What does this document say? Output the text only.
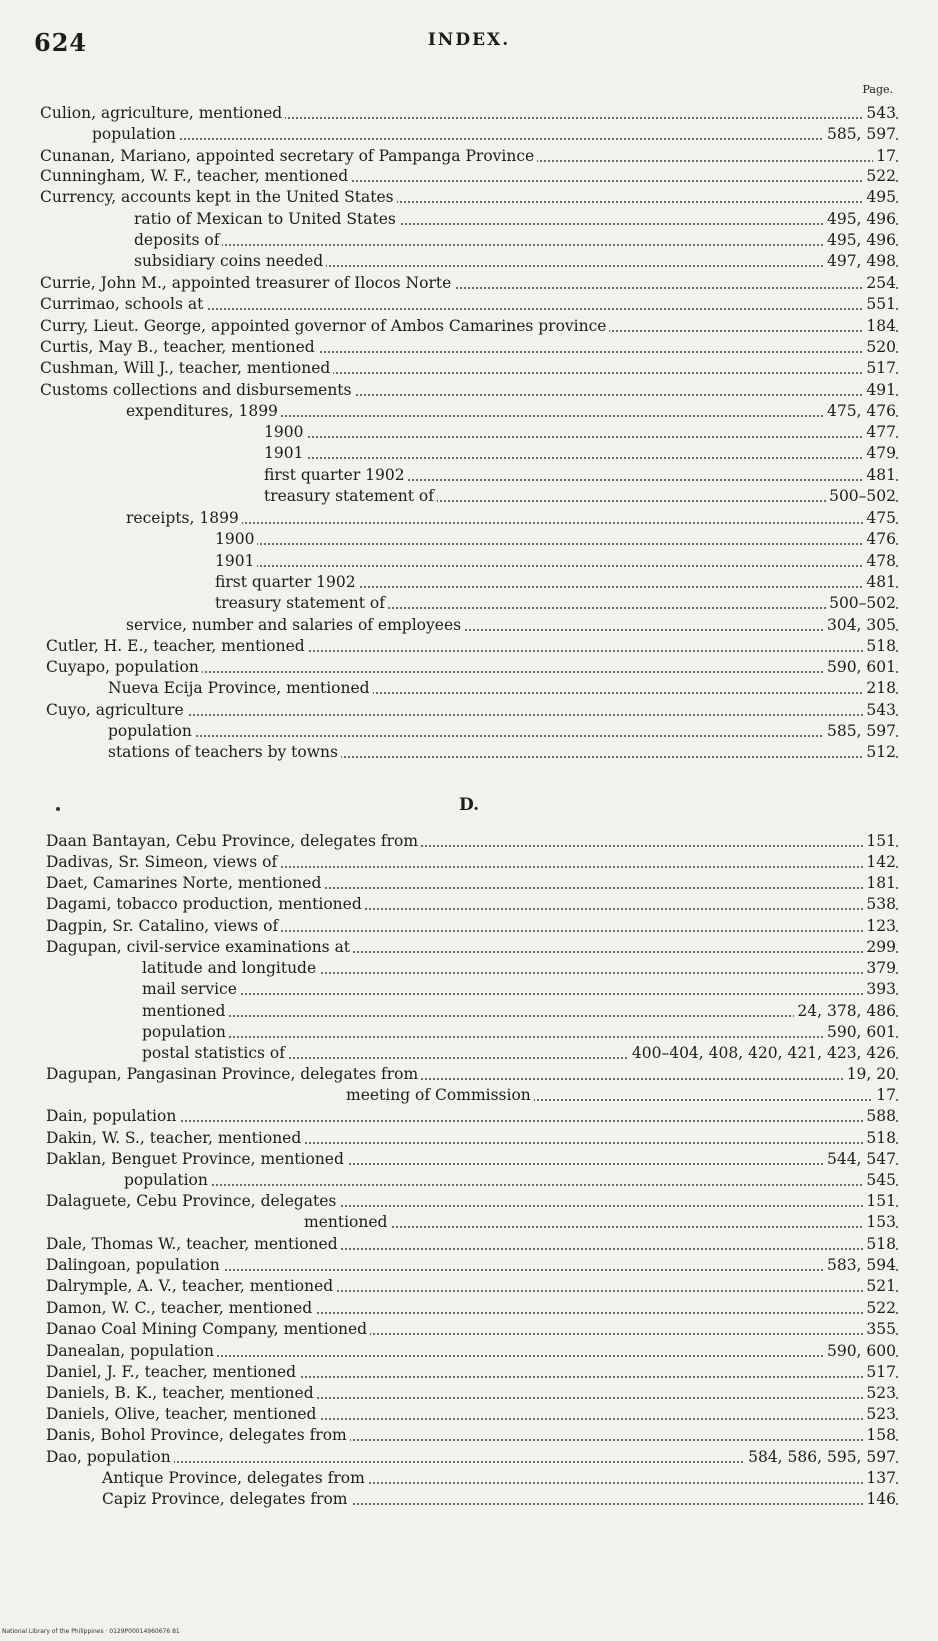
624	INDEX.
Page.
Culion, agriculture, mentioned	543
population	585, 597
Cunanan, Mariano, appointed secretary of Pampanga Province	17
Cunningham, W. F., teacher, mentioned	522
Currency, accounts kept in the United States	495
ratio of Mexican to United States	495, 496
deposits of	495, 496
subsidiary coins needed	497, 498
Currie, John M., appointed treasurer of Ilocos Norte	254
Currimao, schools at	551
Curry, Lieut. George, appointed governor of Ambos Camarines province	184
Curtis, May B., teacher, mentioned	520
Cushman, Will J., teacher, mentioned	517
Customs collections and disbursements	491
expenditures, 1899	475, 476
1900	477
1901	479
first quarter 1902	481
treasury statement of	500–502
receipts, 1899	475
1900	476
1901	478
first quarter 1902	481
treasury statement of	500–502
service, number and salaries of employees	304, 305
Cutler, H. E., teacher, mentioned	518
Cuyapo, population	590, 601
Nueva Ecija Province, mentioned	218
Cuyo, agriculture	543
population	585, 597
stations of teachers by towns	512
D.
Daan Bantayan, Cebu Province, delegates from	151
Dadivas, Sr. Simeon, views of	142
Daet, Camarines Norte, mentioned	181
Dagami, tobacco production, mentioned	538
Dagpin, Sr. Catalino, views of	123
Dagupan, civil-service examinations at	299
latitude and longitude	379
mail service	393
mentioned	24, 378, 486
population	590, 601
postal statistics of	400–404, 408, 420, 421, 423, 426
Dagupan, Pangasinan Province, delegates from	19, 20
meeting of Commission	17
Dain, population	588
Dakin, W. S., teacher, mentioned	518
Daklan, Benguet Province, mentioned	544, 547
population	545
Dalaguete, Cebu Province, delegates	151
mentioned	153
Dale, Thomas W., teacher, mentioned	518
Dalingoan, population	583, 594
Dalrymple, A. V., teacher, mentioned	521
Damon, W. C., teacher, mentioned	522
Danao Coal Mining Company, mentioned	355
Danealan, population	590, 600
Daniel, J. F., teacher, mentioned	517
Daniels, B. K., teacher, mentioned	523
Daniels, Olive, teacher, mentioned	523
Danis, Bohol Province, delegates from	158
Dao, population	584, 586, 595, 597
Antique Province, delegates from	137
Capiz Province, delegates from	146
National Library of the Philippines · 0129P00014960676 81
